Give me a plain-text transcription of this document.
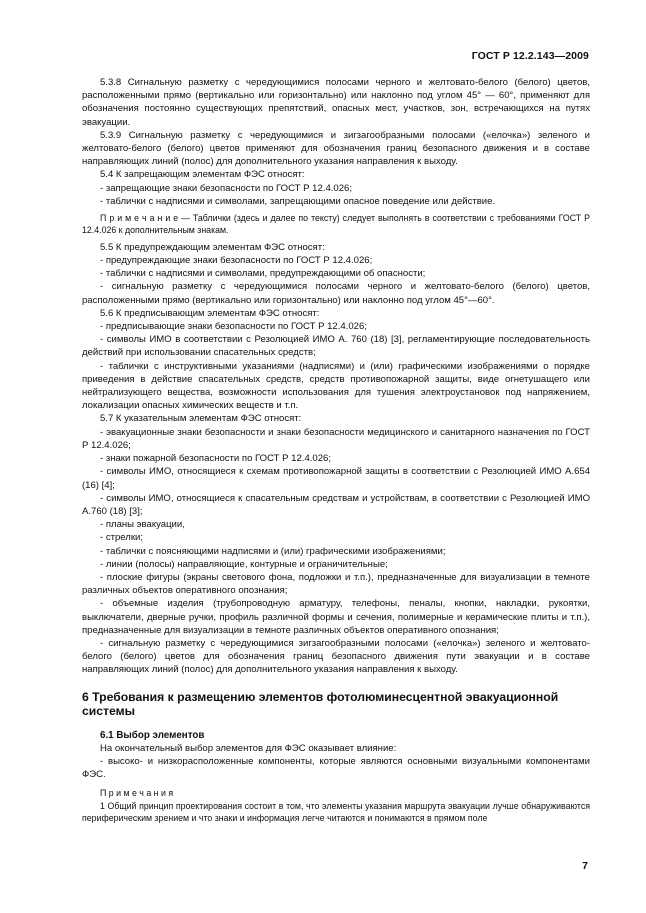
ГОСТ Р 12.2.143—2009

5.3.8 Сигнальную разметку с чередующимися полосами черного и желтовато-белого (белого) цветов, расположенными прямо (вертикально или горизонтально) или наклонно под углом 45° — 60°, применяют для обозначения постоянно существующих препятствий, опасных мест, участков, зон, встречающихся на путях эвакуации.

5.3.9 Сигнальную разметку с чередующимися и зигзагообразными полосами («елочка») зеленого и желтовато-белого (белого) цветов применяют для обозначения границ безопасного движения и в составе направляющих линий (полос) для дополнительного указания направления к выходу.

5.4 К запрещающим элементам ФЭС относят:

- запрещающие знаки безопасности по ГОСТ Р 12.4.026;

- таблички с надписями и символами, запрещающими опасное поведение или действие.

П р и м е ч а н и е — Таблички (здесь и далее по тексту) следует выполнять в соответствии с требованиями ГОСТ Р 12.4.026 к дополнительным знакам.

5.5 К предупреждающим элементам ФЭС относят:

- предупреждающие знаки безопасности по ГОСТ Р 12.4.026;

- таблички с надписями и символами, предупреждающими об опасности;

- сигнальную разметку с чередующимися полосами черного и желтовато-белого (белого) цветов, расположенными прямо (вертикально или горизонтально) или наклонно под углом 45°—60°.

5.6 К предписывающим элементам ФЭС относят:

- предписывающие знаки безопасности по ГОСТ Р 12.4.026;

- символы ИМО в соответствии с Резолюцией ИМО А. 760 (18) [3], регламентирующие последовательность действий при использовании спасательных средств;

- таблички с инструктивными указаниями (надписями) и (или) графическими изображениями о порядке приведения в действие спасательных средств, средств противопожарной защиты, виде огнетушащего или нейтрализующего вещества, возможности использования для тушения электроустановок под напряжением, локализации опасных химических веществ и т.п.

5.7 К указательным элементам ФЭС относят:

- эвакуационные знаки безопасности и знаки безопасности медицинского и санитарного назначения по ГОСТ Р 12.4.026;

- знаки пожарной безопасности по ГОСТ Р 12.4.026;

- символы ИМО, относящиеся к схемам противопожарной защиты в соответствии с Резолюцией ИМО А.654 (16) [4];

- символы ИМО, относящиеся к спасательным средствам и устройствам, в соответствии с Резолюцией ИМО А.760 (18) [3];

- планы эвакуации,

- стрелки;

- таблички с поясняющими надписями и (или) графическими изображениями;

- линии (полосы) направляющие, контурные и ограничительные;

- плоские фигуры (экраны светового фона, подложки и т.п.), предназначенные для визуализации в темноте различных объектов оперативного опознания;

- объемные изделия (трубопроводную арматуру, телефоны, пеналы, кнопки, накладки, рукоятки, выключатели, дверные ручки, профиль различной формы и сечения, полимерные и керамические плиты и т.п.), предназначенные для визуализации в темноте различных объектов оперативного опознания;

- сигнальную разметку с чередующимися зигзагообразными полосами («елочка») зеленого и желтовато-белого (белого) цветов для обозначения границ безопасного движения пути эвакуации и в составе направляющих линий (полос) для дополнительного указания направления к выходу.

6 Требования к размещению элементов фотолюминесцентной эвакуационной системы
6.1 Выбор элементов

На окончательный выбор элементов для ФЭС оказывает влияние:

- высоко- и низкорасположенные компоненты, которые являются основными визуальными компонентами ФЭС.

П р и м е ч а н и я

1 Общий принцип проектирования состоит в том, что элементы указания маршрута эвакуации лучше обнаруживаются периферическим зрением и что знаки и информация легче читаются и понимаются в прямом поле

7
